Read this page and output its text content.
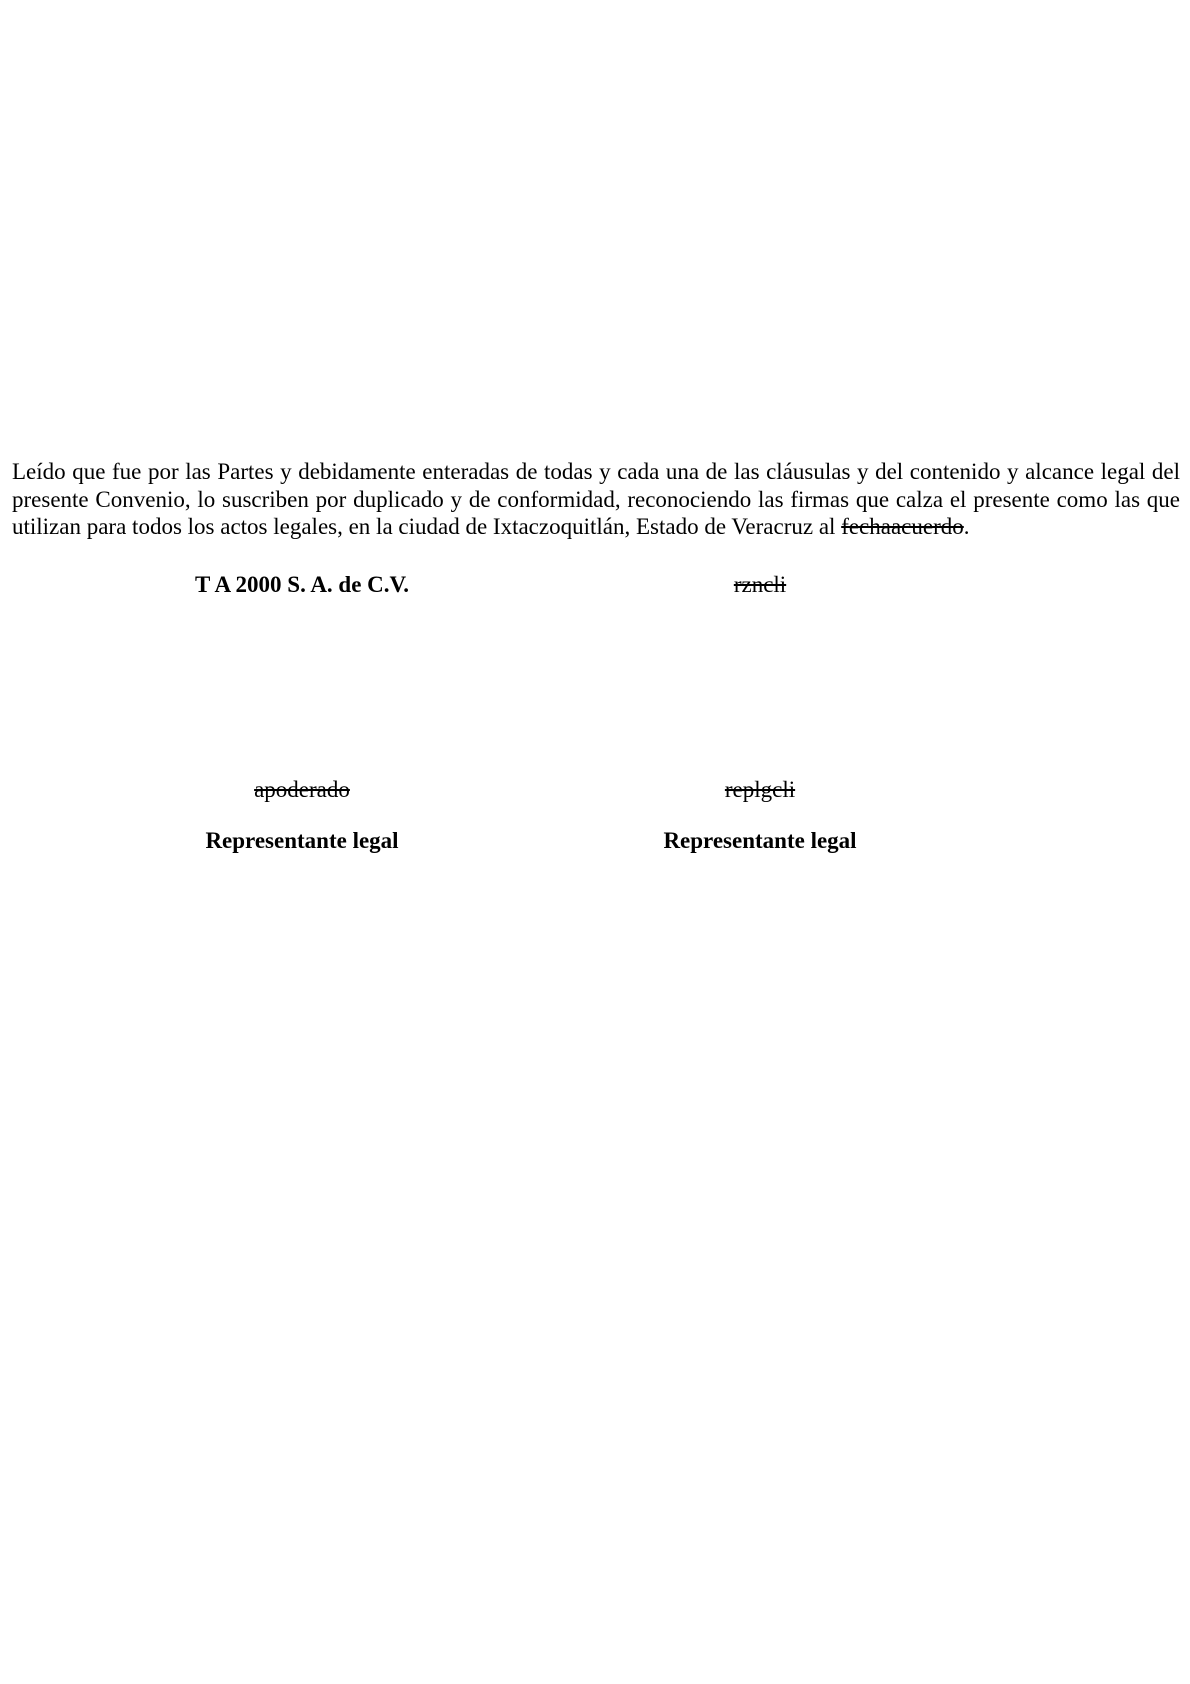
Leído que fue por las Partes y debidamente enteradas de todas y cada una de las cláusulas y del contenido y alcance legal del presente Convenio, lo suscriben por duplicado y de conformidad, reconociendo las firmas que calza el presente como las que utilizan para todos los actos legales, en la ciudad de Ixtaczoquitlán, Estado de Veracruz al fechaacuerdo.

T A 2000 S. A. de C.V.	rzncli
apoderado	replgcli
Representante legal	Representante legal
